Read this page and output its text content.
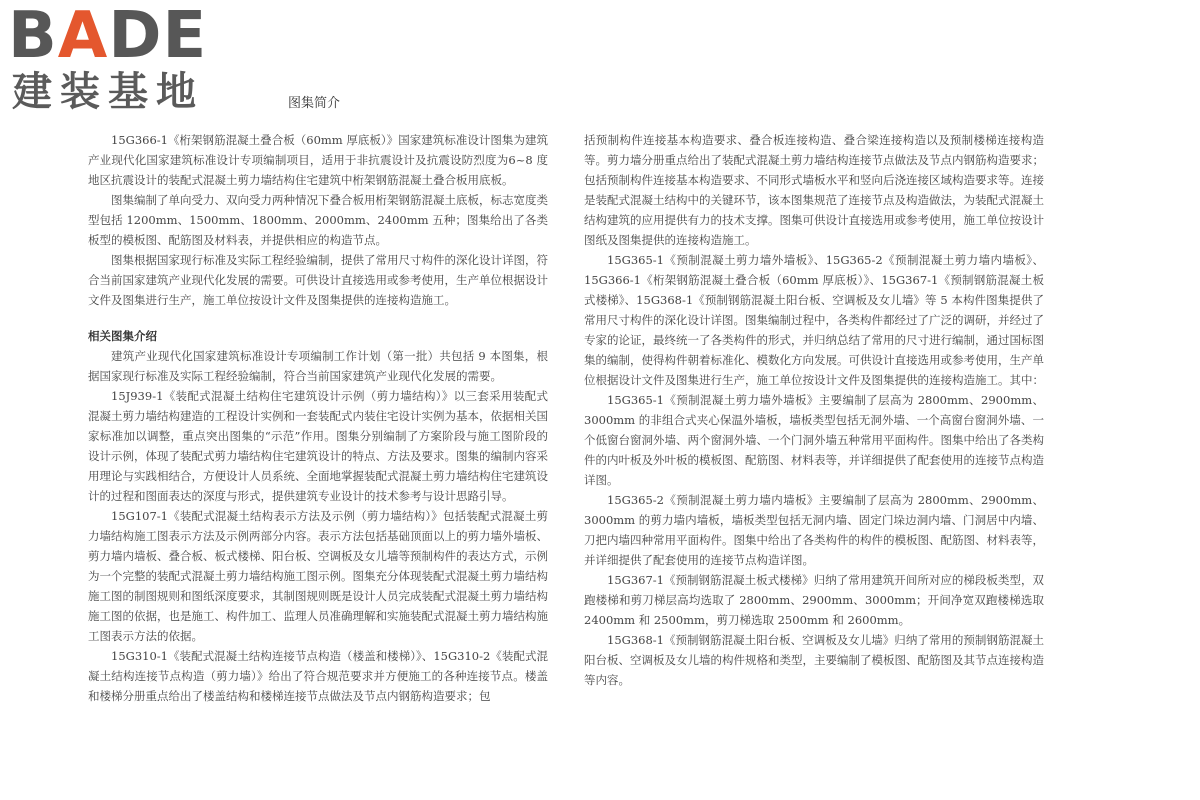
BADE
建装基地	图集简介

15G366-1《桁架钢筋混凝土叠合板（60mm 厚底板）》国家建筑标准设计图集为建筑产业现代化国家建筑标准设计专项编制项目，适用于非抗震设计及抗震设防烈度为6~8 度地区抗震设计的装配式混凝土剪力墙结构住宅建筑中桁架钢筋混凝土叠合板用底板。

图集编制了单向受力、双向受力两种情况下叠合板用桁架钢筋混凝土底板，标志宽度类型包括 1200mm、1500mm、1800mm、2000mm、2400mm 五种；图集给出了各类板型的模板图、配筋图及材料表，并提供相应的构造节点。

图集根据国家现行标准及实际工程经验编制，提供了常用尺寸构件的深化设计详图，符合当前国家建筑产业现代化发展的需要。可供设计直接选用或参考使用，生产单位根据设计文件及图集进行生产，施工单位按设计文件及图集提供的连接构造施工。

相关图集介绍

建筑产业现代化国家建筑标准设计专项编制工作计划（第一批）共包括 9 本图集，根据国家现行标准及实际工程经验编制，符合当前国家建筑产业现代化发展的需要。

15J939-1《装配式混凝土结构住宅建筑设计示例（剪力墙结构）》以三套采用装配式混凝土剪力墙结构建造的工程设计实例和一套装配式内装住宅设计实例为基本，依据相关国家标准加以调整，重点突出图集的“示范”作用。图集分别编制了方案阶段与施工图阶段的设计示例，体现了装配式剪力墙结构住宅建筑设计的特点、方法及要求。图集的编制内容采用理论与实践相结合，方便设计人员系统、全面地掌握装配式混凝土剪力墙结构住宅建筑设计的过程和图面表达的深度与形式，提供建筑专业设计的技术参考与设计思路引导。

15G107-1《装配式混凝土结构表示方法及示例（剪力墙结构）》包括装配式混凝土剪力墙结构施工图表示方法及示例两部分内容。表示方法包括基础顶面以上的剪力墙外墙板、剪力墙内墙板、叠合板、板式楼梯、阳台板、空调板及女儿墙等预制构件的表达方式，示例为一个完整的装配式混凝土剪力墙结构施工图示例。图集充分体现装配式混凝土剪力墙结构施工图的制图规则和图纸深度要求，其制图规则既是设计人员完成装配式混凝土剪力墙结构施工图的依据，也是施工、构件加工、监理人员准确理解和实施装配式混凝土剪力墙结构施工图表示方法的依据。

15G310-1《装配式混凝土结构连接节点构造（楼盖和楼梯）》、15G310-2《装配式混凝土结构连接节点构造（剪力墙）》给出了符合规范要求并方便施工的各种连接节点。楼盖和楼梯分册重点给出了楼盖结构和楼梯连接节点做法及节点内钢筋构造要求；包

括预制构件连接基本构造要求、叠合板连接构造、叠合梁连接构造以及预制楼梯连接构造等。剪力墙分册重点给出了装配式混凝土剪力墙结构连接节点做法及节点内钢筋构造要求；包括预制构件连接基本构造要求、不同形式墙板水平和竖向后浇连接区域构造要求等。连接是装配式混凝土结构中的关键环节，该本图集规范了连接节点及构造做法，为装配式混凝土结构建筑的应用提供有力的技术支撑。图集可供设计直接选用或参考使用，施工单位按设计图纸及图集提供的连接构造施工。

15G365-1《预制混凝土剪力墙外墙板》、15G365-2《预制混凝土剪力墙内墙板》、15G366-1《桁架钢筋混凝土叠合板（60mm 厚底板）》、15G367-1《预制钢筋混凝土板式楼梯》、15G368-1《预制钢筋混凝土阳台板、空调板及女儿墙》等 5 本构件图集提供了常用尺寸构件的深化设计详图。图集编制过程中，各类构件都经过了广泛的调研，并经过了专家的论证，最终统一了各类构件的形式，并归纳总结了常用的尺寸进行编制，通过国标图集的编制，使得构件朝着标准化、模数化方向发展。可供设计直接选用或参考使用，生产单位根据设计文件及图集进行生产，施工单位按设计文件及图集提供的连接构造施工。其中：

15G365-1《预制混凝土剪力墙外墙板》主要编制了层高为 2800mm、2900mm、3000mm 的非组合式夹心保温外墙板，墙板类型包括无洞外墙、一个高窗台窗洞外墙、一个低窗台窗洞外墙、两个窗洞外墙、一个门洞外墙五种常用平面构件。图集中给出了各类构件的内叶板及外叶板的模板图、配筋图、材料表等，并详细提供了配套使用的连接节点构造详图。

15G365-2《预制混凝土剪力墙内墙板》主要编制了层高为 2800mm、2900mm、3000mm 的剪力墙内墙板，墙板类型包括无洞内墙、固定门垛边洞内墙、门洞居中内墙、刀把内墙四种常用平面构件。图集中给出了各类构件的构件的模板图、配筋图、材料表等，并详细提供了配套使用的连接节点构造详图。

15G367-1《预制钢筋混凝土板式楼梯》归纳了常用建筑开间所对应的梯段板类型，双跑楼梯和剪刀梯层高均选取了 2800mm、2900mm、3000mm；开间净宽双跑楼梯选取 2400mm 和 2500mm，剪刀梯选取 2500mm 和 2600mm。

15G368-1《预制钢筋混凝土阳台板、空调板及女儿墙》归纳了常用的预制钢筋混凝土阳台板、空调板及女儿墙的构件规格和类型，主要编制了模板图、配筋图及其节点连接构造等内容。
